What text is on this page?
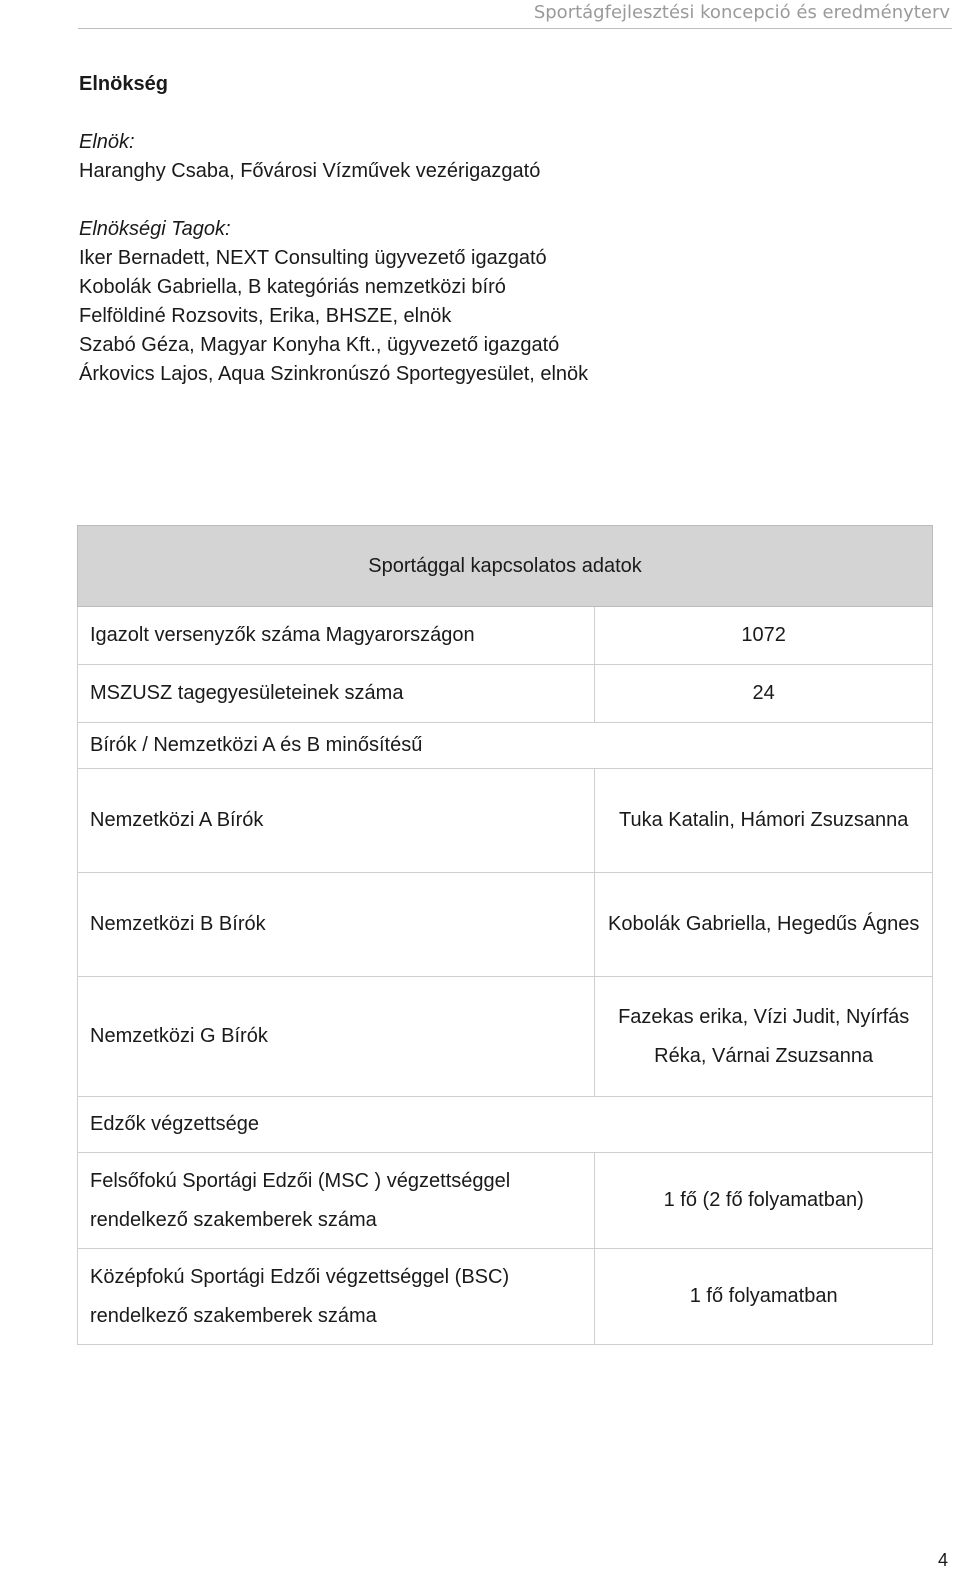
Sportágfejlesztési koncepció és eredményterv
Elnökség
Elnök:
Haranghy Csaba, Fővárosi Vízművek vezérigazgató
Elnökségi Tagok:
Iker Bernadett, NEXT Consulting ügyvezető igazgató
Kobolák Gabriella, B kategóriás nemzetközi bíró
Felföldiné Rozsovits, Erika, BHSZE, elnök
Szabó Géza, Magyar Konyha Kft., ügyvezető igazgató
Árkovics Lajos, Aqua Szinkronúszó Sportegyesület, elnök
Sportággal kapcsolatos adatok	
Igazolt versenyzők száma Magyarországon	1072
MSZUSZ tagegyesületeinek száma	24
Bírók / Nemzetközi A és B minősítésű	
Nemzetközi A Bírók	Tuka Katalin, Hámori Zsuzsanna
Nemzetközi B Bírók	Kobolák Gabriella, Hegedűs Ágnes
Nemzetközi G Bírók	Fazekas erika, Vízi Judit, Nyírfás Réka, Várnai Zsuzsanna
Edzők végzettsége	
Felsőfokú Sportági Edzői (MSC ) végzettséggel rendelkező szakemberek száma	1 fő (2 fő folyamatban)
Középfokú Sportági Edzői végzettséggel (BSC) rendelkező szakemberek száma	1 fő folyamatban
4
